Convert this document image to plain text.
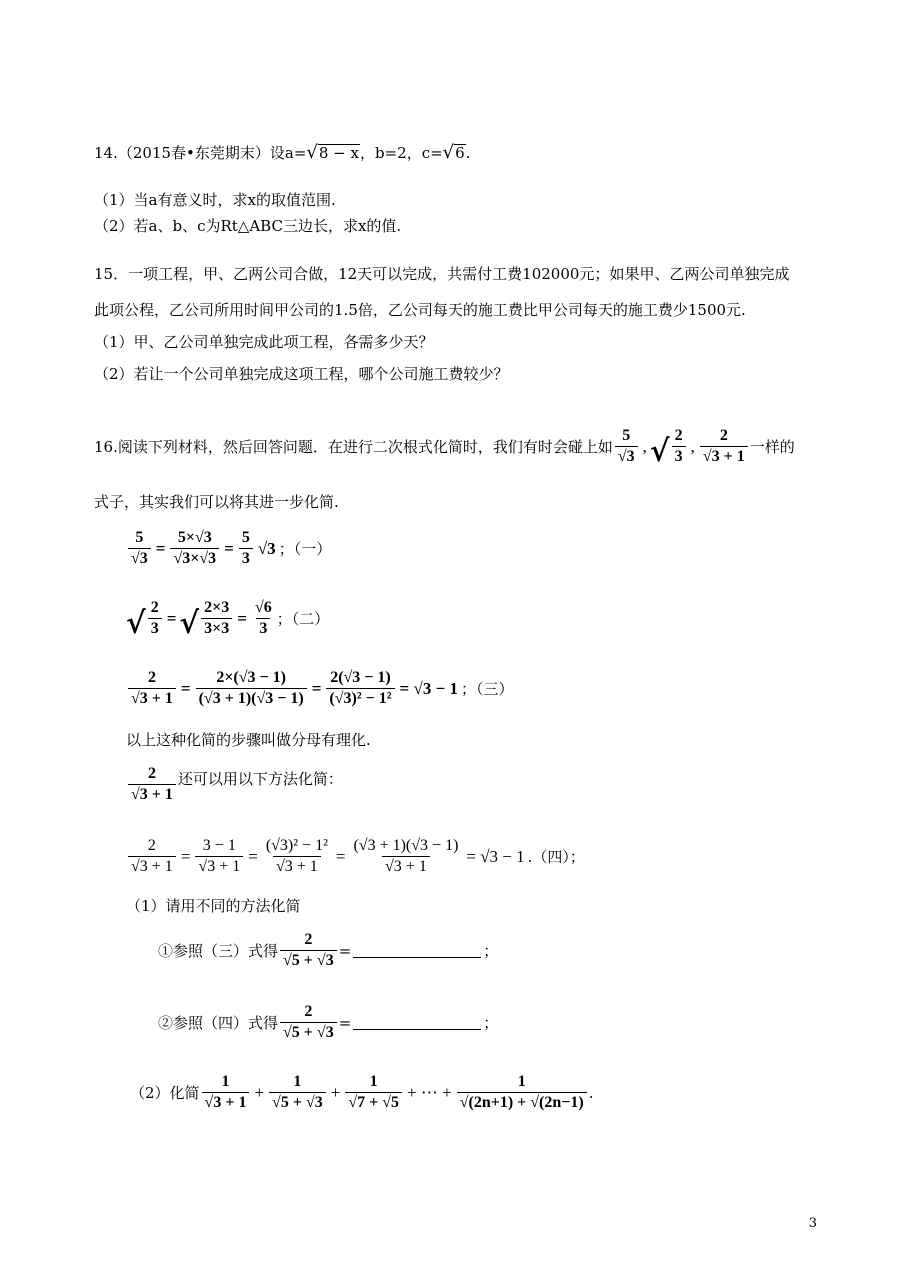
14.（2015春•东莞期末）设a= √ 8 − x ，b=2，c= √ 6 .
（1）当a有意义时，求x的取值范围.
（2）若a、b、c为Rt△ABC三边长，求x的值.
15．一项工程，甲、乙两公司合做，12天可以完成，共需付工费102000元；如果甲、乙两公司单独完成
此项公程，乙公司所用时间甲公司的1.5倍，乙公司每天的施工费比甲公司每天的施工费少1500元.
（1）甲、乙公司单独完成此项工程，各需多少天？
（2）若让一个公司单独完成这项工程，哪个公司施工费较少？
16.阅读下列材料，然后回答问题．在进行二次根式化简时，我们有时会碰上如 $\frac{5}{√3}$ , √ $\frac{2}{3}$ , $\frac{2}{√3 + 1}$ 一样的
式子，其实我们可以将其进一步化简.
$\frac{5}{√3} = \frac{5\times√3}{√3\times√3} = \frac{5}{3} √3$ ；（一）
√ $\frac{2}{3}$ = √ $\frac{2\times 3}{3\times 3} = \frac{√6}{3}$ ；（二）
$\frac{2}{√3 + 1} = \frac{2\times(√3 - 1)}{(√3 + 1)(√3 - 1)} = \frac{2(√3 - 1)}{\text{(√3)² − 1²}} = √3 - 1$ ；（三）
以上这种化简的步骤叫做分母有理化.
$\frac{2}{√3 + 1}$ 还可以用以下方法化简：
$\frac{2}{√3 + 1} = \frac{3 - 1}{√3 + 1} = \frac{\text{(√3)² − 1²}}{√3 + 1} = \frac{(√3 + 1)(√3 - 1)}{√3 + 1} = √3 - 1$ .（四）；
（1）请用不同的方法化简
①参照（三）式得 $\frac{2}{√5 + √3}$ =	；
②参照（四）式得 $\frac{2}{√5 + √3}$ =	；
（2）化简 $\frac{1}{√3 + 1} + \frac{1}{√5 + √3} + \frac{1}{√7 + √5}$ + ⋯ + $\frac{1}{√(2n+1) + √(2n-1)}$ .
3
